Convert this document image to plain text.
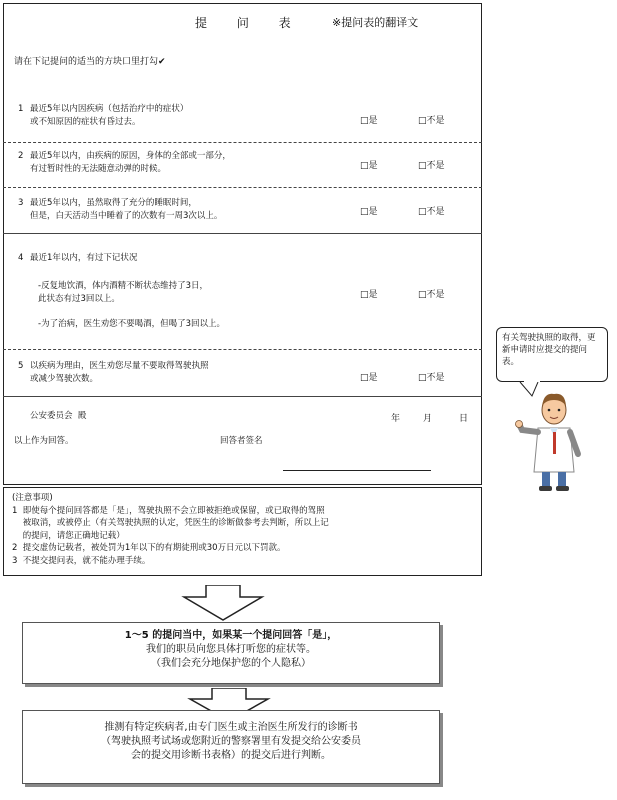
提 问 表	※提问表的翻译文
请在下记提问的适当的方块口里打勾✔
1 最近5年以内因疾病（包括治疗中的症状）
或不知原因的症状有昏过去。	□是	□不是
2 最近5年以内，由疾病的原因，身体的全部或一部分，
有过暂时性的无法随意动弹的时候。	□是	□不是
3 最近5年以内，虽然取得了充分的睡眠时间，
但是，白天活动当中睡着了的次数有一周3次以上。	□是	□不是
4 最近1年以内，有过下记状况
-反复地饮酒，体内酒精不断状态维持了3日，
此状态有过3回以上。
-为了治病，医生劝您不要喝酒，但喝了3回以上。
□是	□不是
5 以疾病为理由，医生劝您尽量不要取得驾驶执照
或减少驾驶次数。	□是	□不是
公安委员会  殿	年	月	日
以上作为回答。	回答者签名
(注意事项)
1  即使每个提问回答都是「是」，驾驶执照不会立即被拒绝或保留，或已取得的驾照
被取消，或被停止（有关驾驶执照的认定，凭医生的诊断做参考去判断，所以上记
的提问，请您正确地记载）
2  提交虚伪记载者，被处罚为1年以下的有期徒刑或30万日元以下罚款。
3  不提交提问表，就不能办理手续。
有关驾驶执照的取得，更新申请时应提交的提问表。
1～5 的提问当中，如果某一个提问回答「是」，
我们的职员向您具体打听您的症状等。
（我们会充分地保护您的个人隐私）
推测有特定疾病者,由专门医生或主治医生所发行的诊断书
（驾驶执照考试场或您附近的警察署里有发提交给公安委员
会的提交用诊断书表格）的提交后进行判断。
